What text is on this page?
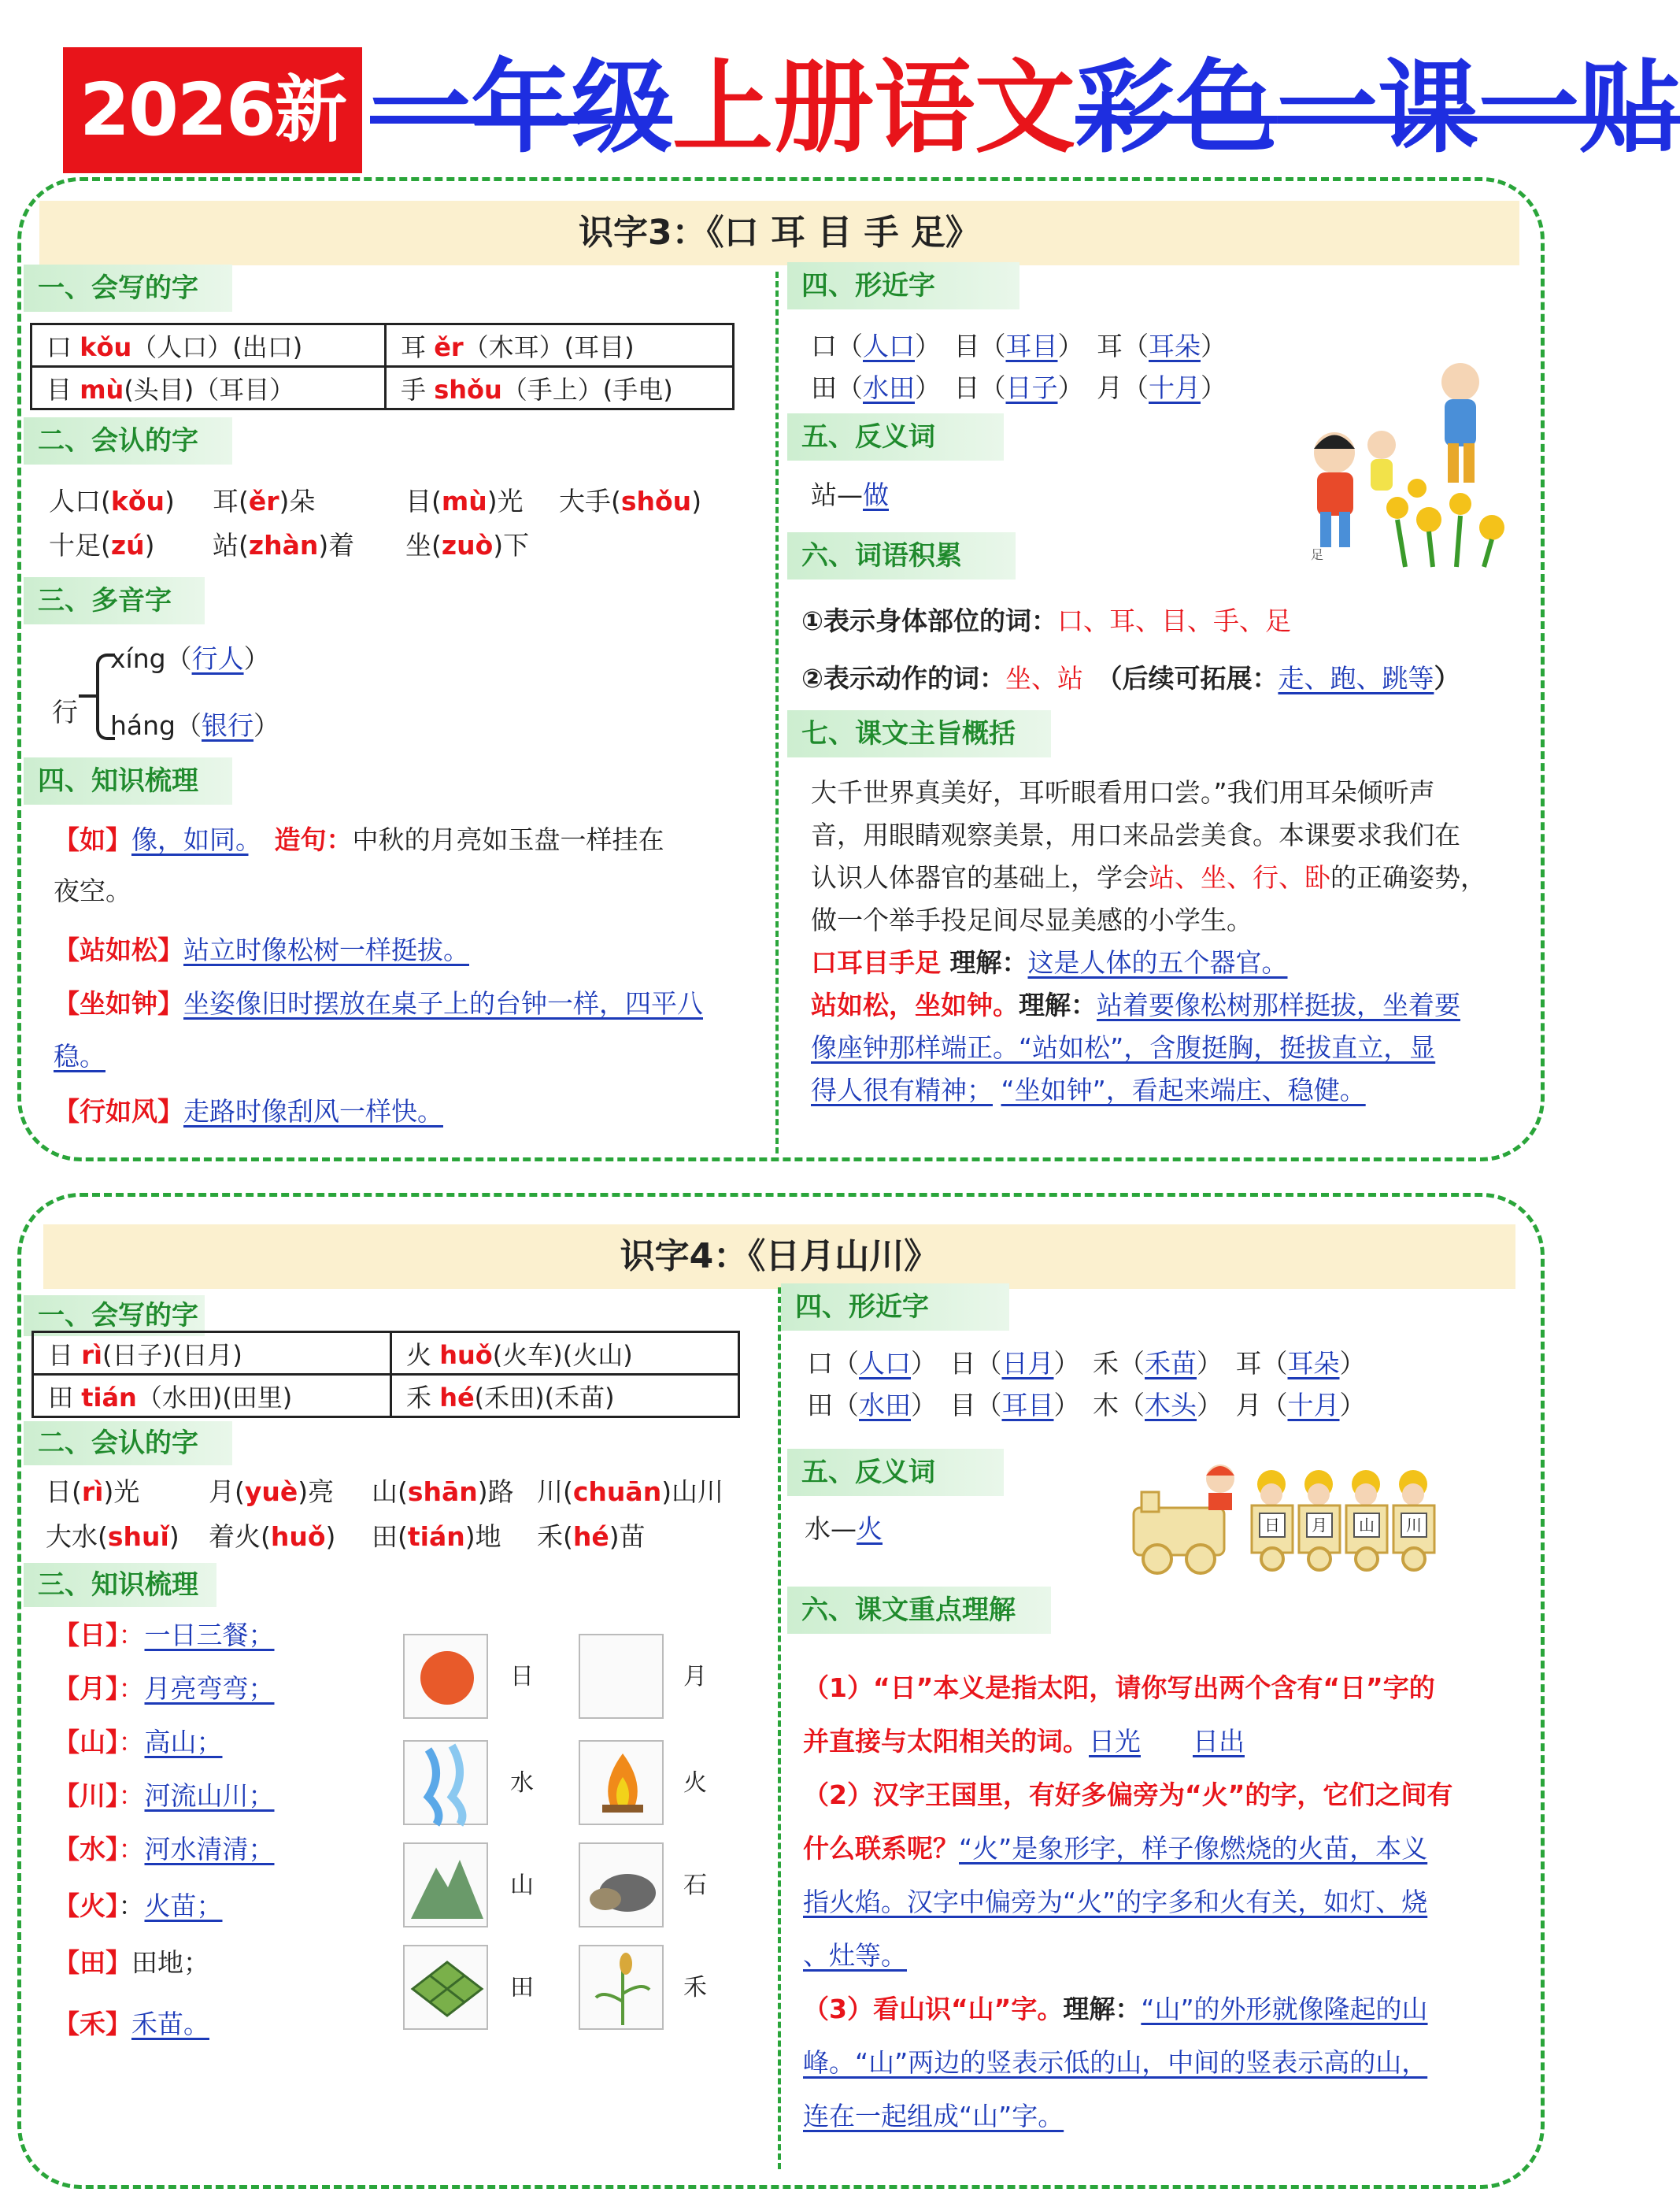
2026新 一年级上册语文彩色一课一贴
识字3：《口 耳 目 手 足》
一、会写的字
口 kǒu（人口）(出口)	耳 ěr（木耳）(耳目)
目 mù(头目)（耳目）	手 shǒu（手上）(手电)
二、会认的字
人口(kǒu) 耳(ěr)朵	目(mù)光 大手(shǒu)
十足(zú) 站(zhàn)着 坐(zuò)下
三、多音字
行
xíng（行人）
háng（银行）
四、知识梳理
【如】像，如同。　 造句：中秋的月亮如玉盘一样挂在
夜空。
【站如松】站立时像松树一样挺拔。
【坐如钟】坐姿像旧时摆放在桌子上的台钟一样，四平八
稳。
【行如风】走路时像刮风一样快。
四、形近字
口（人口）　目（耳目）　耳（耳朵）
田（水田）　日（日子）　月（十月）
五、反义词
站—做
足
六、词语积累
①表示身体部位的词：口、耳、目、手、足
②表示动作的词：坐、站　 （后续可拓展：走、跑、跳等）
七、课文主旨概括
大千世界真美好，耳听眼看用口尝。”我们用耳朵倾听声
音，用眼睛观察美景，用口来品尝美食。本课要求我们在
认识人体器官的基础上，学会站、坐、行、卧的正确姿势，
做一个举手投足间尽显美感的小学生。
口耳目手足 理解：这是人体的五个器官。
站如松，坐如钟。理解：站着要像松树那样挺拔，坐着要
像座钟那样端正。“站如松”，含腹挺胸，挺拔直立，显
得人很有精神； “坐如钟”，看起来端庄、稳健。
识字4：《日月山川》
一、会写的字
日 rì(日子)(日月)	火 huǒ(火车)(火山)
田 tián（水田)(田里)	禾 hé(禾田)(禾苗)
二、会认的字
日(rì)光	月(yuè)亮 山(shān)路 川(chuān)山川
大水(shuǐ) 着火(huǒ) 田(tián)地 禾(hé)苗
三、知识梳理
【日】：一日三餐；
【月】：月亮弯弯；
【山】：高山；
【川】：河流山川；
【水】：河水清清；
【火】：火苗；
【田】田地；
【禾】禾苗。
日	月
水	火
山	石
田	禾
四、形近字
口（人口）　日（日月）　禾（禾苗）　耳（耳朵）
田（水田）　目（耳目）　木（木头）　月（十月）
五、反义词
水—火	日 月 山 川
六、课文重点理解
（1）“日”本义是指太阳，请你写出两个含有“日”字的
并直接与太阳相关的词。日光　　 日出
（2）汉字王国里，有好多偏旁为“火”的字，它们之间有
什么联系呢？“火”是象形字，样子像燃烧的火苗，本义
指火焰。汉字中偏旁为“火”的字多和火有关，如灯、烧
、灶等。
（3）看山识“山”字。理解：“山”的外形就像隆起的山
峰。“山”两边的竖表示低的山，中间的竖表示高的山，
连在一起组成“山”字。
